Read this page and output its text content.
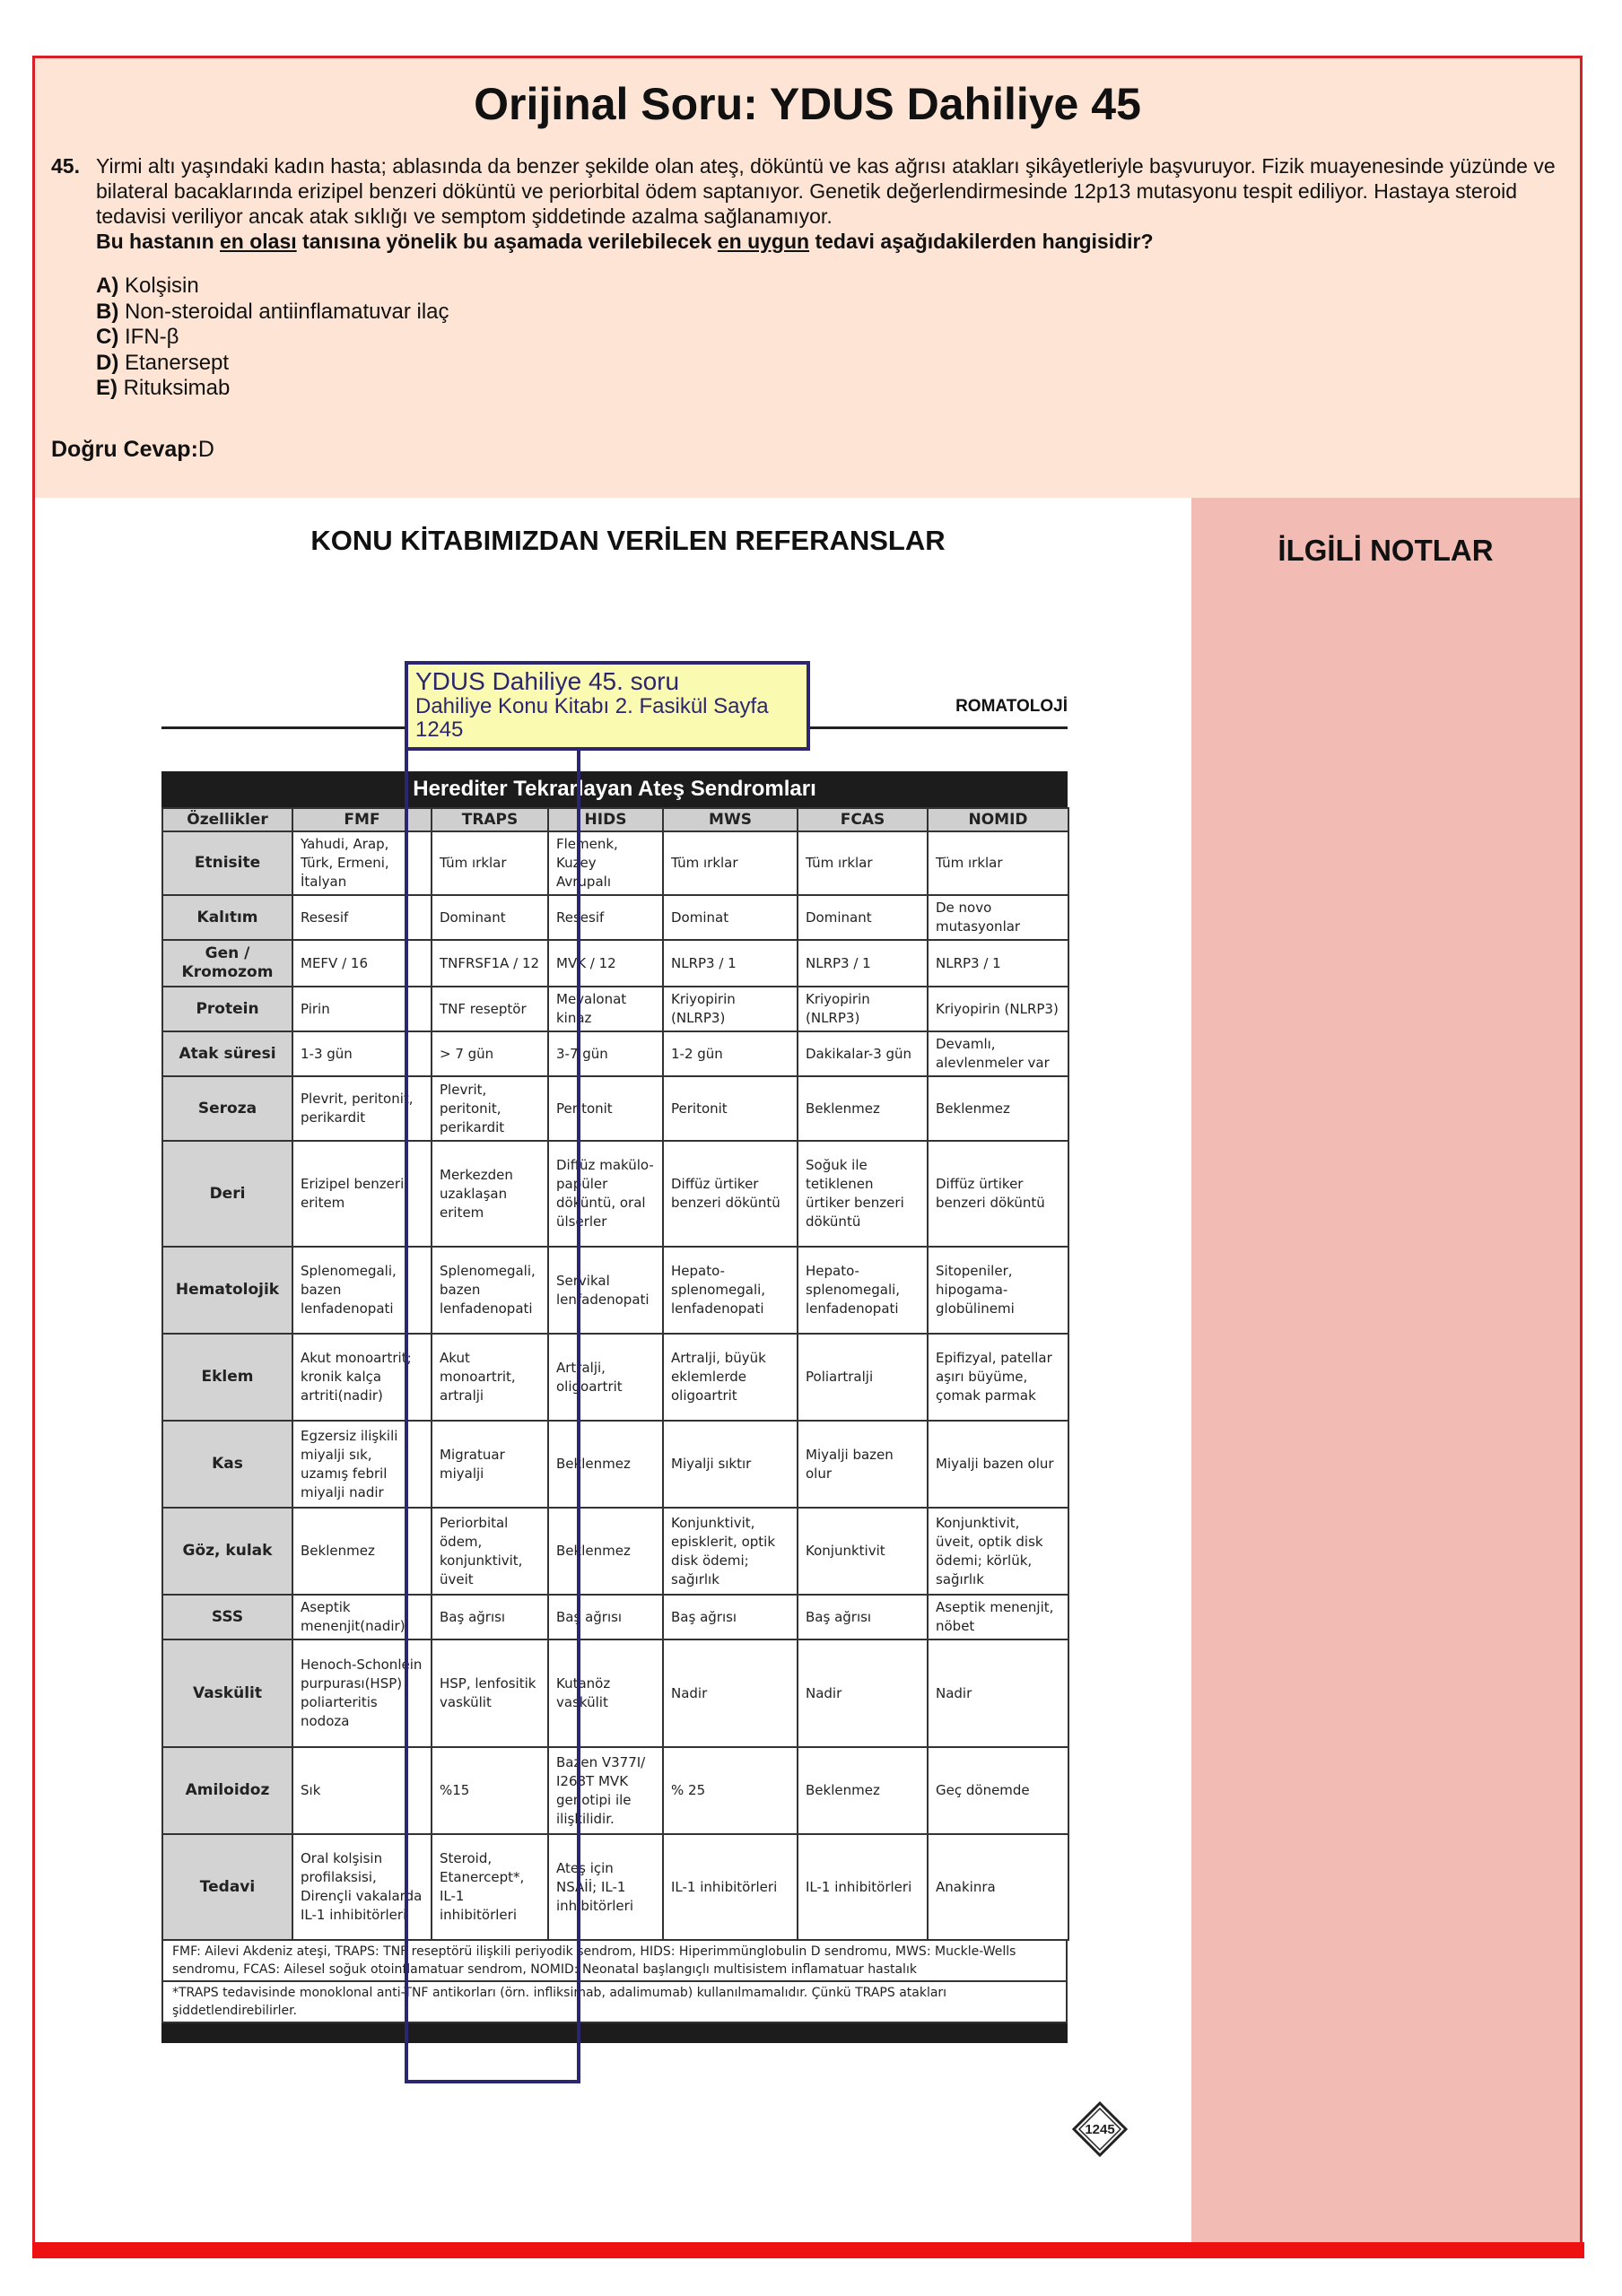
Orijinal Soru: YDUS Dahiliye 45
45. Yirmi altı yaşındaki kadın hasta; ablasında da benzer şekilde olan ateş, döküntü ve kas ağrısı atakları şikâyetleriyle başvuruyor. Fizik muayenesinde yüzünde ve bilateral bacaklarında erizipel benzeri döküntü ve periorbital ödem saptanıyor. Genetik değerlendirmesinde 12p13 mutasyonu tespit ediliyor. Hastaya steroid tedavisi veriliyor ancak atak sıklığı ve semptom şiddetinde azalma sağlanamıyor.
Bu hastanın en olası tanısına yönelik bu aşamada verilebilecek en uygun tedavi aşağıdakilerden hangisidir?
A) Kolşisin
B) Non-steroidal antiinflamatuvar ilaç
C) IFN-β
D) Etanersept
E) Rituksimab
Doğru Cevap:D
İLGİLİ NOTLAR
KONU KİTABIMIZDAN VERİLEN REFERANSLAR
ROMATOLOJİ
Herediter Tekrarlayan Ateş Sendromları
Özellikler	FMF	TRAPS	HIDS	MWS	FCAS	NOMID
Etnisite	Yahudi, Arap, Türk, Ermeni, İtalyan	Tüm ırklar	Flemenk, Kuzey Avrupalı	Tüm ırklar	Tüm ırklar	Tüm ırklar
Kalıtım	Resesif	Dominant	Resesif	Dominat	Dominant	De novo mutasyonlar
Gen / Kromozom	MEFV / 16	TNFRSF1A / 12	MVK / 12	NLRP3 / 1	NLRP3 / 1	NLRP3 / 1
Protein	Pirin	TNF reseptör	Mevalonat kinaz	Kriyopirin (NLRP3)	Kriyopirin (NLRP3)	Kriyopirin (NLRP3)
Atak süresi	1-3 gün	> 7 gün	3-7 gün	1-2 gün	Dakikalar-3 gün	Devamlı, alevlenmeler var
Seroza	Plevrit, peritonit, perikardit	Plevrit, peritonit, perikardit	Peritonit	Peritonit	Beklenmez	Beklenmez
Deri	Erizipel benzeri eritem	Merkezden uzaklaşan eritem	Diffüz makülo-papüler döküntü, oral ülserler	Diffüz ürtiker benzeri döküntü	Soğuk ile tetiklenen ürtiker benzeri döküntü	Diffüz ürtiker benzeri döküntü
Hematolojik	Splenomegali, bazen lenfadenopati	Splenomegali, bazen lenfadenopati	Servikal lenfadenopati	Hepato-splenomegali, lenfadenopati	Hepato-splenomegali, lenfadenopati	Sitopeniler, hipogama-globülinemi
Eklem	Akut monoartrit; kronik kalça artriti(nadir)	Akut monoartrit, artralji	Artralji, oligoartrit	Artralji, büyük eklemlerde oligoartrit	Poliartralji	Epifizyal, patellar aşırı büyüme, çomak parmak
Kas	Egzersiz ilişkili miyalji sık, uzamış febril miyalji nadir	Migratuar miyalji	Beklenmez	Miyalji sıktır	Miyalji bazen olur	Miyalji bazen olur
Göz, kulak	Beklenmez	Periorbital ödem, konjunktivit, üveit	Beklenmez	Konjunktivit, episklerit, optik disk ödemi; sağırlık	Konjunktivit	Konjunktivit, üveit, optik disk ödemi; körlük, sağırlık
SSS	Aseptik menenjit(nadir)	Baş ağrısı	Baş ağrısı	Baş ağrısı	Baş ağrısı	Aseptik menenjit, nöbet
Vaskülit	Henoch-Schonlein purpurası(HSP) poliarteritis nodoza	HSP, lenfositik vaskülit	Kutanöz vaskülit	Nadir	Nadir	Nadir
Amiloidoz	Sık	%15	Bazen V377I/ I268T MVK genotipi ile ilişkilidir.	% 25	Beklenmez	Geç dönemde
Tedavi	Oral kolşisin profilaksisi, Dirençli vakalarda IL-1 inhibitörleri	Steroid, Etanercept*, IL-1 inhibitörleri	Ateş için NSAİİ; IL-1 inhibitörleri	IL-1 inhibitörleri	IL-1 inhibitörleri	Anakinra
FMF: Ailevi Akdeniz ateşi, TRAPS: TNF reseptörü ilişkili periyodik sendrom, HIDS: Hiperimmünglobulin D sendromu, MWS: Muckle-Wells sendromu, FCAS: Ailesel soğuk otoinflamatuar sendrom, NOMID: Neonatal başlangıçlı multisistem inflamatuar hastalık
*TRAPS tedavisinde monoklonal anti-TNF antikorları (örn. infliksimab, adalimumab) kullanılmamalıdır. Çünkü TRAPS atakları şiddetlendirebilirler.
YDUS Dahiliye 45. soru
Dahiliye Konu Kitabı 2. Fasikül Sayfa 1245
1245
